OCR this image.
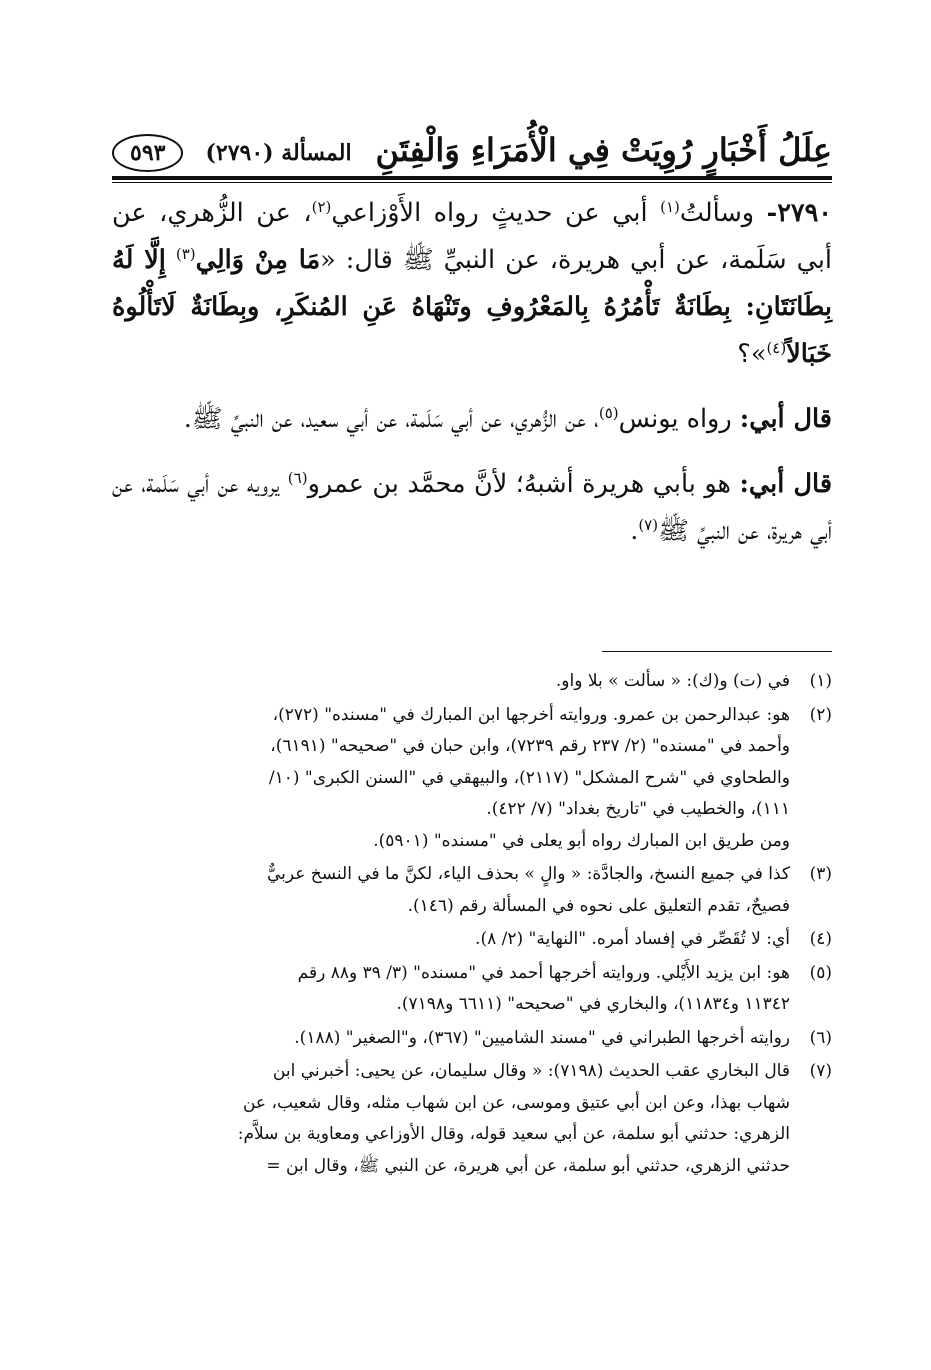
عِلَلُ أَخْبَارٍ رُوِيَتْ فِي الْأُمَرَاءِ وَالْفِتَنِ
المسألة (٢٧٩٠)
٥٩٣

٢٧٩٠- وسألتُ$^{(١)}$ أبي عن حديثٍ رواه الأَوْزاعي$^{(٢)}$، عن الزُّهري، عن أبي سَلَمة، عن أبي هريرة، عن النبيِّ ﷺ قال: «مَا مِنْ وَالِي$^{(٣)}$ إِلَّا لَهُ بِطَانَتَانِ: بِطَانَةٌ تَأْمُرُهُ بِالمَعْرُوفِ وتَنْهَاهُ عَنِ المُنكَرِ، وبِطَانَةٌ لَاتَأْلُوهُ خَبَالاً$^{(٤)}$»؟

قال أبي: رواه يونس$^{(٥)}$، عن الزُّهري، عن أبي سَلَمة، عن أبي سعيد، عن النبيِّ ﷺ.

قال أبي: هو بأبي هريرة أشبهُ؛ لأنَّ محمَّد بن عمرو$^{(٦)}$ يرويه عن أبي سَلَمة، عن أبي هريرة، عن النبيِّ ﷺ$^{(٧)}$.

(١)
في (ت) و(ك): « سألت » بلا واو.
(٢)
هو: عبدالرحمن بن عمرو. وروايته أخرجها ابن المبارك في "مسنده" (٢٧٢)،
وأحمد في "مسنده" (٢/ ٢٣٧ رقم ٧٢٣٩)، وابن حبان في "صحيحه" (٦١٩١)،
والطحاوي في "شرح المشكل" (٢١١٧)، والبيهقي في "السنن الكبرى" (١٠/
١١١)، والخطيب في "تاريخ بغداد" (٧/ ٤٢٢).
ومن طريق ابن المبارك رواه أبو يعلى في "مسنده" (٥٩٠١).
(٣)
كذا في جميع النسخ، والجادَّة: « والٍ » بحذف الياء، لكنَّ ما في النسخ عربيٌّ
فصيحٌ، تقدم التعليق على نحوه في المسألة رقم (١٤٦).
(٤)
أي: لا تُقَصِّر في إفساد أمره. "النهاية" (٢/ ٨).
(٥)
هو: ابن يزيد الأَيْلي. وروايته أخرجها أحمد في "مسنده" (٣/ ٣٩ و٨٨ رقم
١١٣٤٢ و١١٨٣٤)، والبخاري في "صحيحه" (٦٦١١ و٧١٩٨).
(٦)
روايته أخرجها الطبراني في "مسند الشاميين" (٣٦٧)، و"الصغير" (١٨٨).
(٧)
قال البخاري عقب الحديث (٧١٩٨): « وقال سليمان، عن يحيى: أخبرني ابن
شهاب بهذا، وعن ابن أبي عتيق وموسى، عن ابن شهاب مثله، وقال شعيب، عن
الزهري: حدثني أبو سلمة، عن أبي سعيد قوله، وقال الأوزاعي ومعاوية بن سلاَّم:
حدثني الزهري، حدثني أبو سلمة، عن أبي هريرة، عن النبي ﷺ، وقال ابن =
